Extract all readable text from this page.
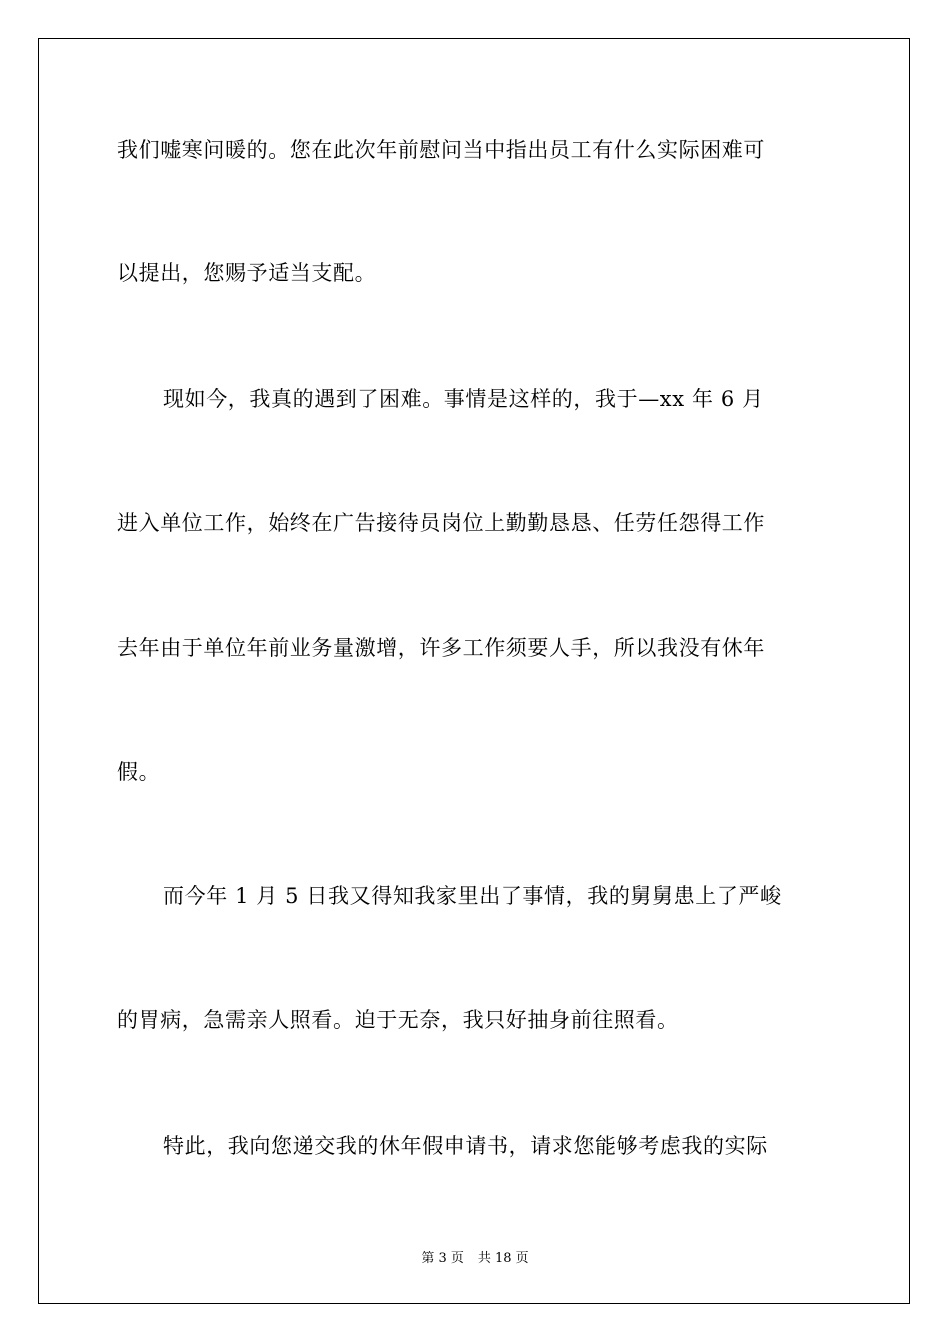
我们嘘寒问暖的。您在此次年前慰问当中指出员工有什么实际困难可

以提出，您赐予适当支配。

现如今，我真的遇到了困难。事情是这样的，我于—xx 年 6 月

进入单位工作，始终在广告接待员岗位上勤勤恳恳、任劳任怨得工作

去年由于单位年前业务量激增，许多工作须要人手，所以我没有休年

假。

而今年 1 月 5 日我又得知我家里出了事情，我的舅舅患上了严峻

的胃病，急需亲人照看。迫于无奈，我只好抽身前往照看。

特此，我向您递交我的休年假申请书，请求您能够考虑我的实际

第 3 页 共 18 页
